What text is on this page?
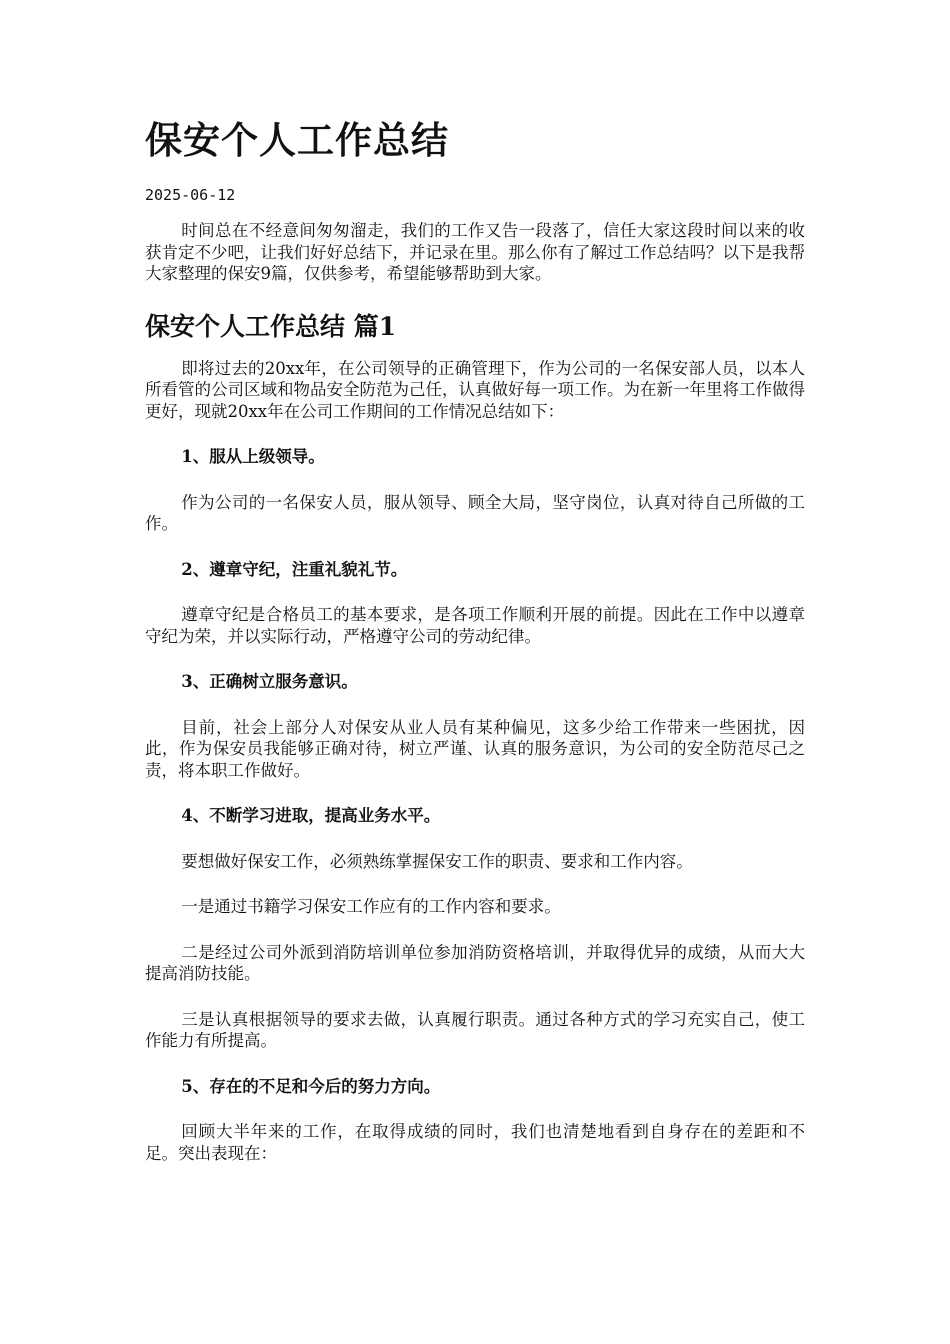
保安个人工作总结
2025-06-12

时间总在不经意间匆匆溜走，我们的工作又告一段落了，信任大家这段时间以来的收获肯定不少吧，让我们好好总结下，并记录在里。那么你有了解过工作总结吗？以下是我帮大家整理的保安9篇，仅供参考，希望能够帮助到大家。

保安个人工作总结 篇1

即将过去的20xx年，在公司领导的正确管理下，作为公司的一名保安部人员，以本人所看管的公司区域和物品安全防范为己任，认真做好每一项工作。为在新一年里将工作做得更好，现就20xx年在公司工作期间的工作情况总结如下：

1、服从上级领导。

作为公司的一名保安人员，服从领导、顾全大局，坚守岗位，认真对待自己所做的工作。

2、遵章守纪，注重礼貌礼节。

遵章守纪是合格员工的基本要求，是各项工作顺利开展的前提。因此在工作中以遵章守纪为荣，并以实际行动，严格遵守公司的劳动纪律。

3、正确树立服务意识。

目前，社会上部分人对保安从业人员有某种偏见，这多少给工作带来一些困扰，因此，作为保安员我能够正确对待，树立严谨、认真的服务意识，为公司的安全防范尽己之责，将本职工作做好。

4、不断学习进取，提高业务水平。

要想做好保安工作，必须熟练掌握保安工作的职责、要求和工作内容。

一是通过书籍学习保安工作应有的工作内容和要求。

二是经过公司外派到消防培训单位参加消防资格培训，并取得优异的成绩，从而大大提高消防技能。

三是认真根据领导的要求去做，认真履行职责。通过各种方式的学习充实自己，使工作能力有所提高。

5、存在的不足和今后的努力方向。

回顾大半年来的工作，在取得成绩的同时，我们也清楚地看到自身存在的差距和不足。突出表现在：
